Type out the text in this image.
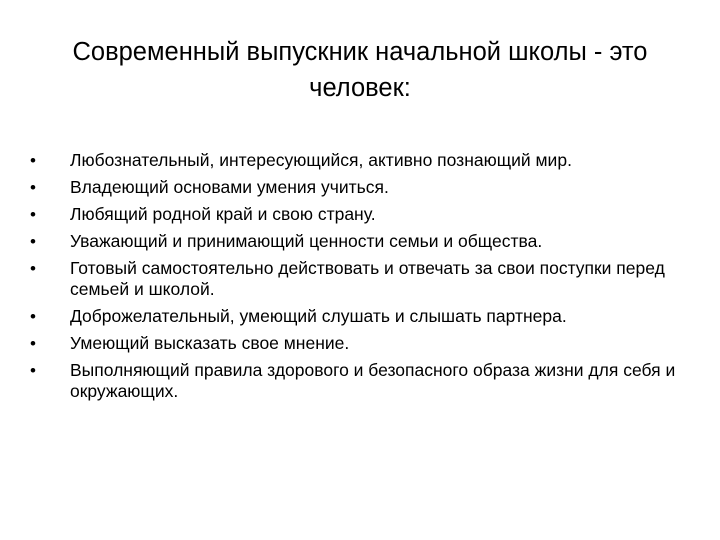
Современный выпускник начальной школы - это человек:
•	Любознательный, интересующийся, активно познающий мир.
•	Владеющий основами умения учиться.
•	Любящий родной край и свою страну.
•	Уважающий и принимающий ценности семьи и общества.
•	Готовый самостоятельно действовать и отвечать за свои поступки перед семьей и школой.
•	Доброжелательный, умеющий слушать и слышать партнера.
•	Умеющий высказать свое мнение.
•	Выполняющий правила здорового и безопасного образа жизни для себя и окружающих.
